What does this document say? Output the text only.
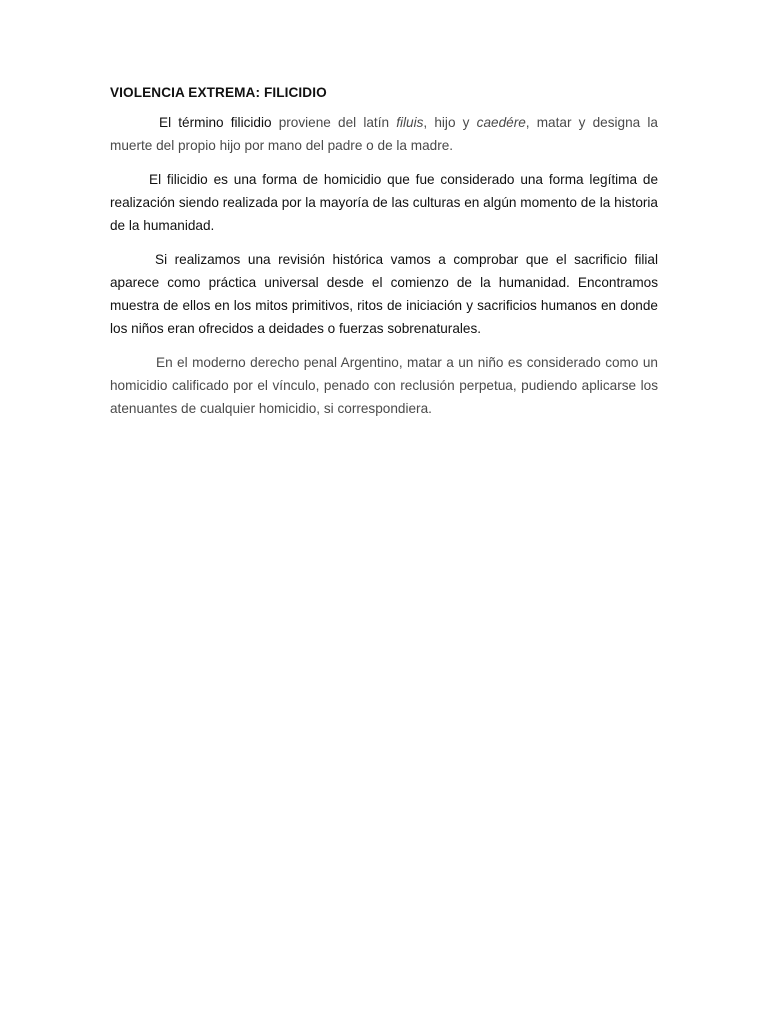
VIOLENCIA EXTREMA: FILICIDIO

El término filicidio proviene del latín filuis, hijo y caedére, matar y designa la muerte del propio hijo por mano del padre o de la madre.

El filicidio es una forma de homicidio que fue considerado una forma legítima de realización siendo realizada por la mayoría de las culturas en algún momento de la historia de la humanidad.

Si realizamos una revisión histórica vamos a comprobar que el sacrificio filial aparece como práctica universal desde el comienzo de la humanidad. Encontramos muestra de ellos en los mitos primitivos, ritos de iniciación y sacrificios humanos en donde los niños eran ofrecidos a deidades o fuerzas sobrenaturales.

En el moderno derecho penal Argentino, matar a un niño es considerado como un homicidio calificado por el vínculo, penado con reclusión perpetua, pudiendo aplicarse los atenuantes de cualquier homicidio, si correspondiera.
